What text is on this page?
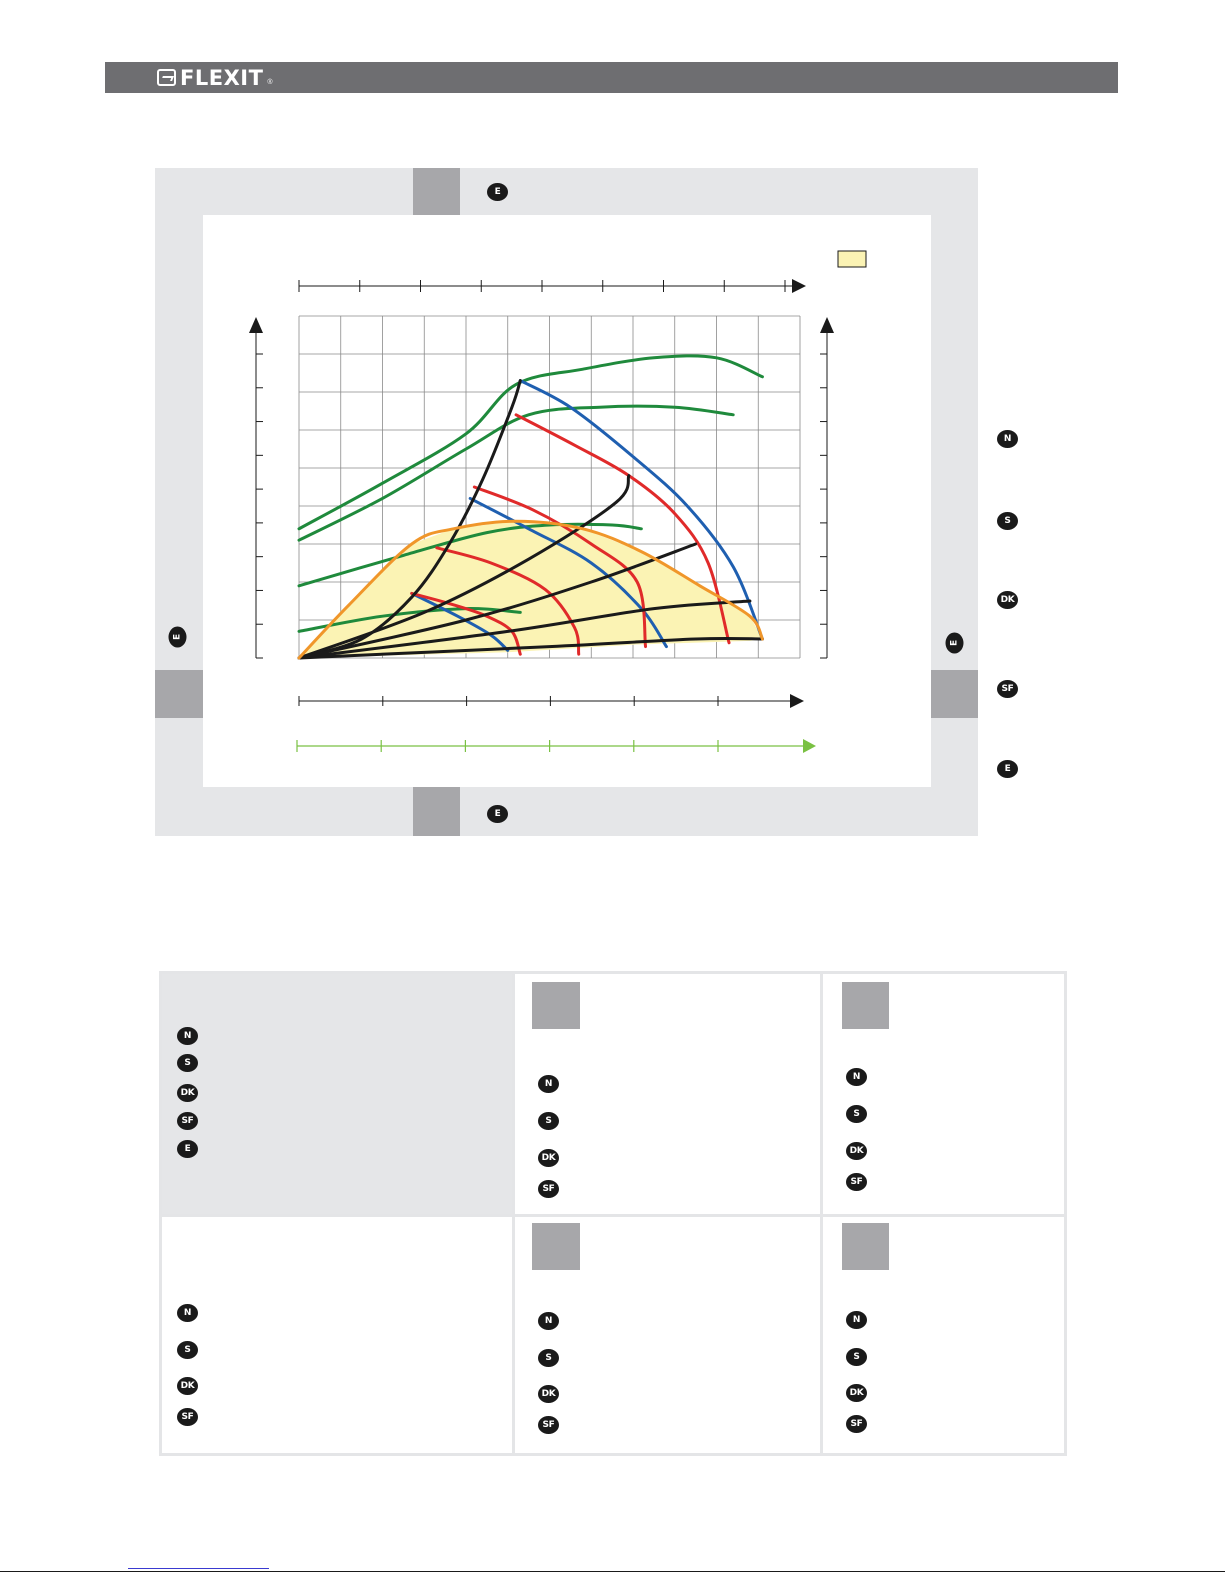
FLEXIT ®
E
E
E
E
N
S
DK
SF
E
N
S
DK
SF
E
N
S
DK
SF
N
S
DK
SF
N
S
DK
SF
N
S
DK
SF
N
S
DK
SF
